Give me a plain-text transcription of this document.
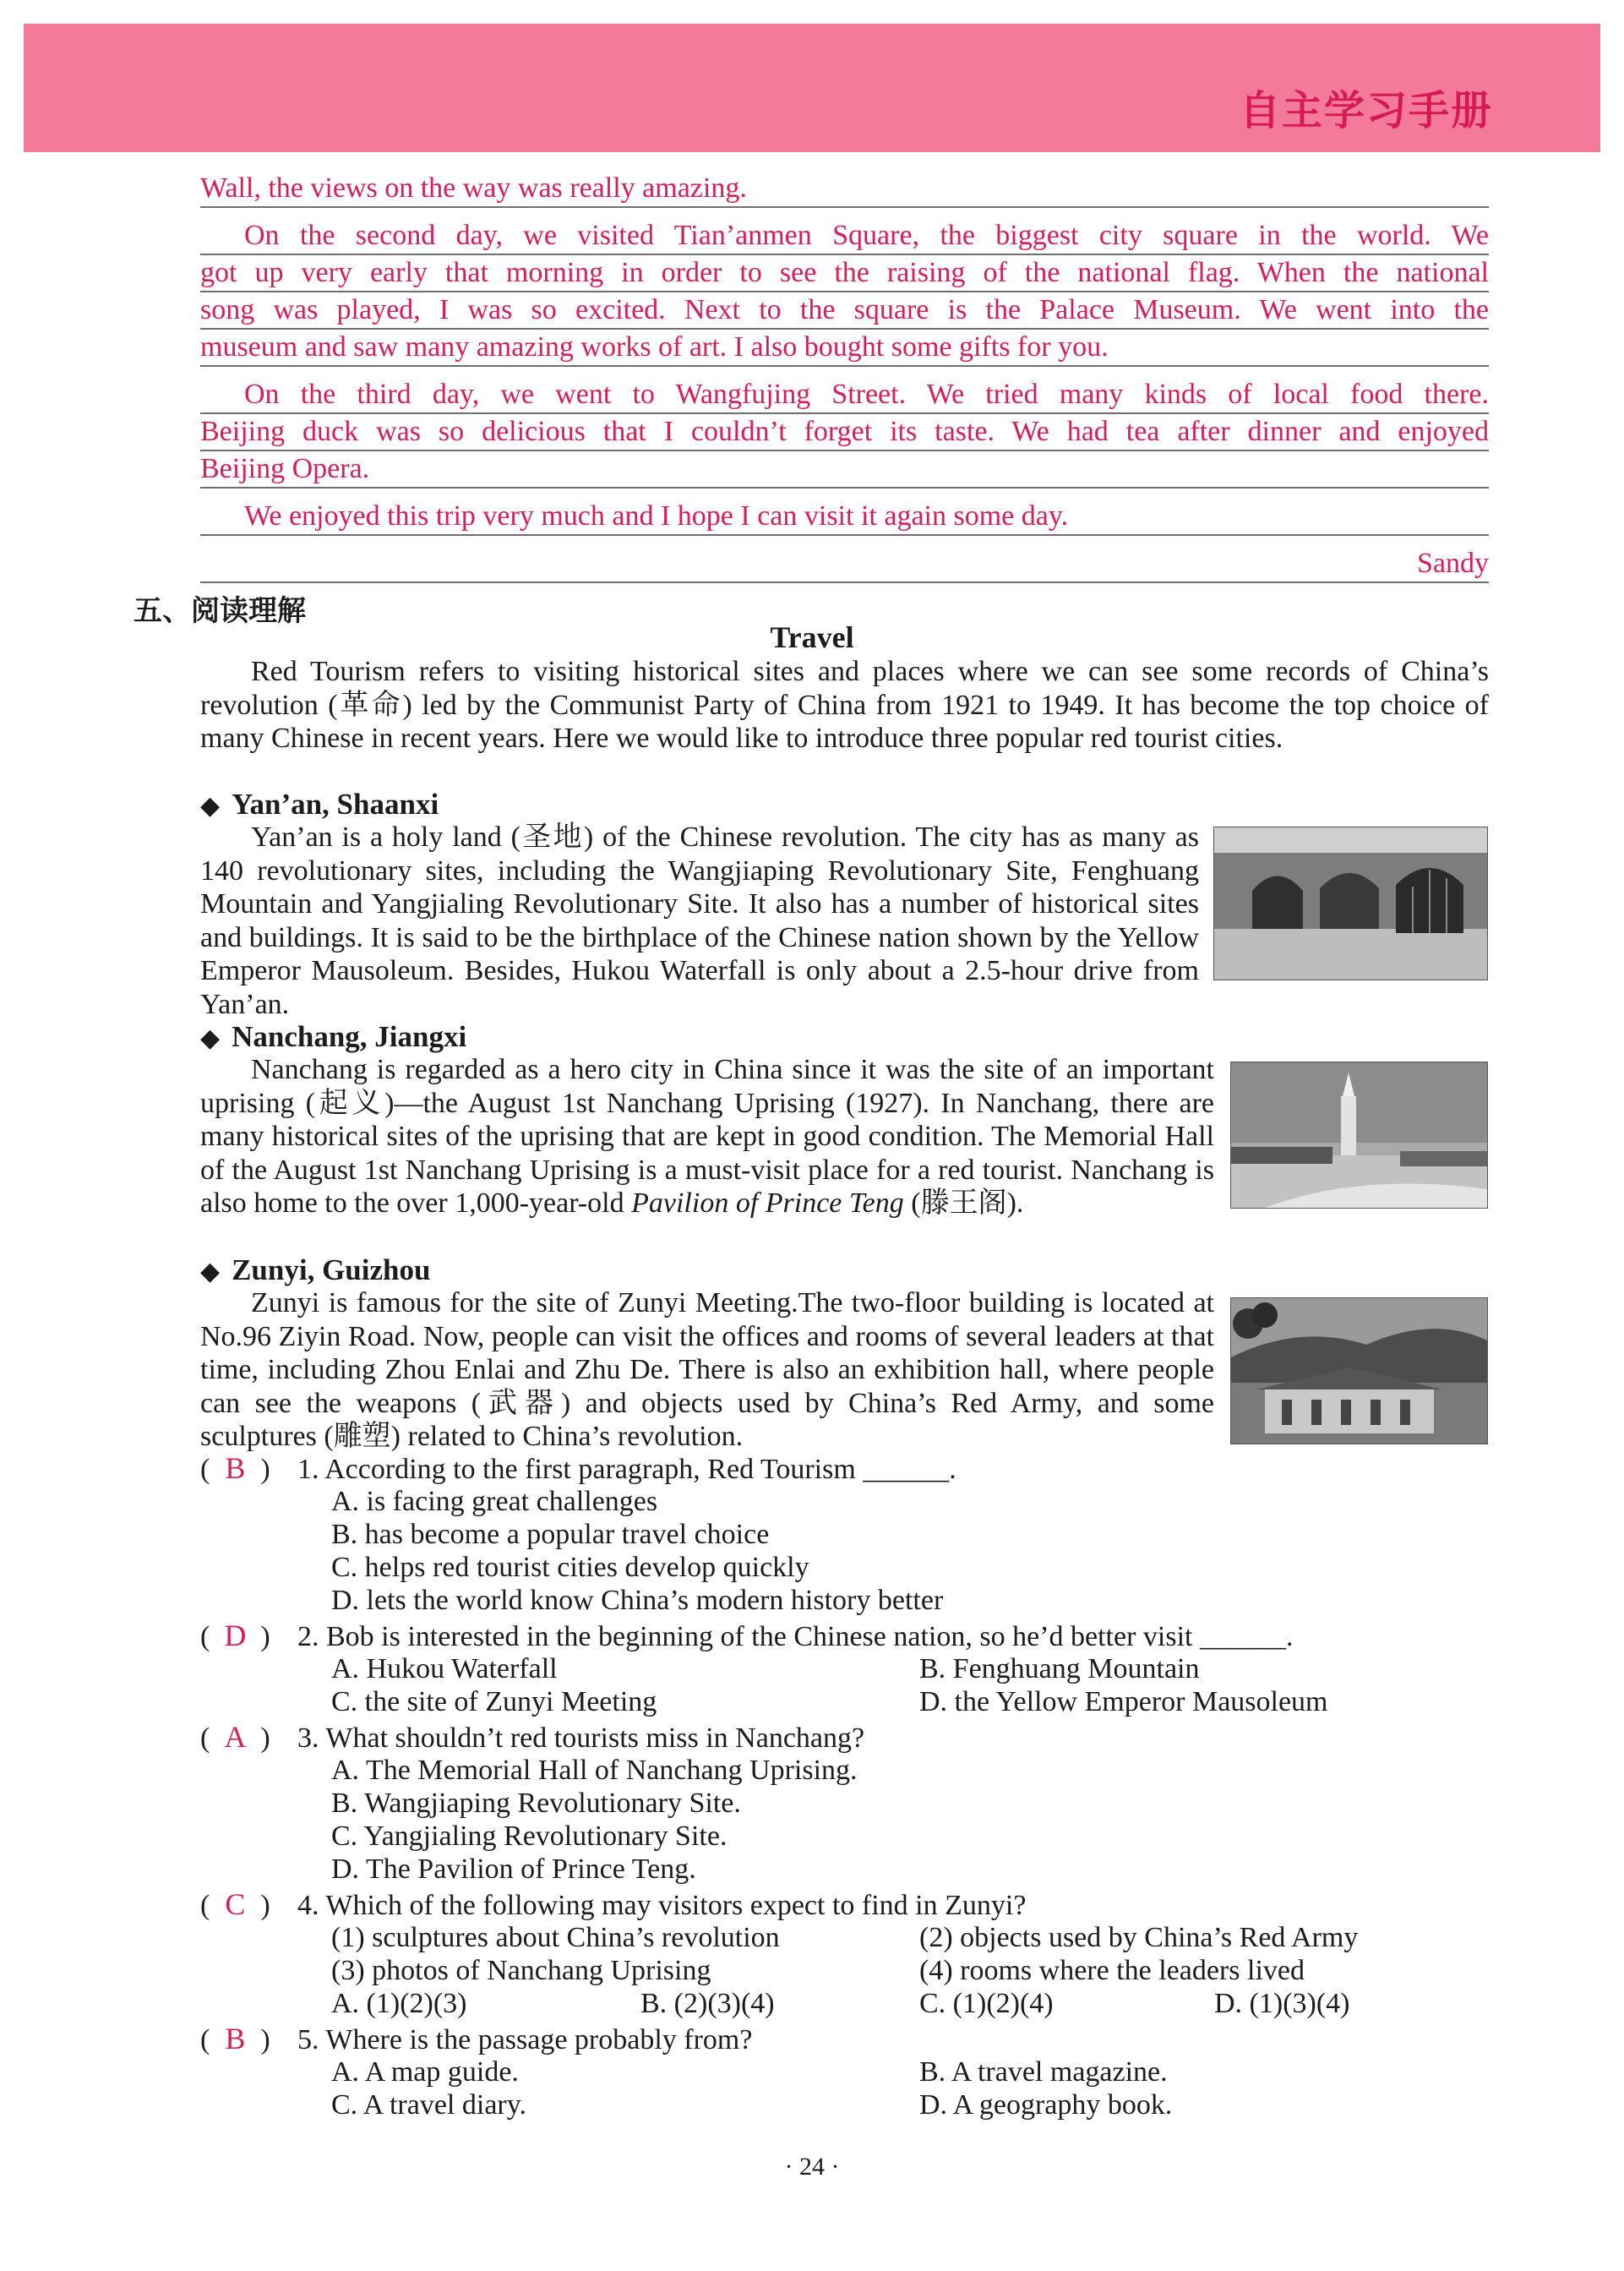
自主学习手册
Wall, the views on the way was really amazing.
On the second day, we visited Tian’anmen Square, the biggest city square in the world. We
got up very early that morning in order to see the raising of the national flag. When the national
song was played, I was so excited. Next to the square is the Palace Museum. We went into the
museum and saw many amazing works of art. I also bought some gifts for you.
On the third day, we went to Wangfujing Street. We tried many kinds of local food there.
Beijing duck was so delicious that I couldn’t forget its taste. We had tea after dinner and enjoyed
Beijing Opera.
We enjoyed this trip very much and I hope I can visit it again some day.
Sandy
五、阅读理解
Travel

Red Tourism refers to visiting historical sites and places where we can see some records of China’s revolution (革命) led by the Communist Party of China from 1921 to 1949. It has become the top choice of many Chinese in recent years. Here we would like to introduce three popular red tourist cities.

◆ Yan’an, Shaanxi

Yan’an is a holy land (圣地) of the Chinese revolution. The city has as many as 140 revolutionary sites, including the Wangjiaping Revolutionary Site, Fenghuang Mountain and Yangjialing Revolutionary Site. It also has a number of historical sites and buildings. It is said to be the birthplace of the Chinese nation shown by the Yellow Emperor Mausoleum. Besides, Hukou Waterfall is only about a 2.5-hour drive from Yan’an.

◆ Nanchang, Jiangxi

Nanchang is regarded as a hero city in China since it was the site of an important uprising (起义)—the August 1st Nanchang Uprising (1927). In Nanchang, there are many historical sites of the uprising that are kept in good condition. The Memorial Hall of the August 1st Nanchang Uprising is a must-visit place for a red tourist. Nanchang is also home to the over 1,000-year-old Pavilion of Prince Teng (滕王阁).

◆ Zunyi, Guizhou

Zunyi is famous for the site of Zunyi Meeting.The two-floor building is located at No.96 Ziyin Road. Now, people can visit the offices and rooms of several leaders at that time, including Zhou Enlai and Zhu De. There is also an exhibition hall, where people can see the weapons (武器) and objects used by China’s Red Army, and some sculptures (雕塑) related to China’s revolution.

( B ) 1. According to the first paragraph, Red Tourism ______.
A. is facing great challenges
B. has become a popular travel choice
C. helps red tourist cities develop quickly
D. lets the world know China’s modern history better
( D ) 2. Bob is interested in the beginning of the Chinese nation, so he’d better visit ______.
A. Hukou Waterfall	B. Fenghuang Mountain
C. the site of Zunyi Meeting	D. the Yellow Emperor Mausoleum
( A ) 3. What shouldn’t red tourists miss in Nanchang?
A. The Memorial Hall of Nanchang Uprising.
B. Wangjiaping Revolutionary Site.
C. Yangjialing Revolutionary Site.
D. The Pavilion of Prince Teng.
( C ) 4. Which of the following may visitors expect to find in Zunyi?
(1) sculptures about China’s revolution	(2) objects used by China’s Red Army
(3) photos of Nanchang Uprising	(4) rooms where the leaders lived
A. (1)(2)(3)	B. (2)(3)(4)	C. (1)(2)(4)	D. (1)(3)(4)
( B ) 5. Where is the passage probably from?
A. A map guide.	B. A travel magazine.
C. A travel diary.	D. A geography book.
· 24 ·
